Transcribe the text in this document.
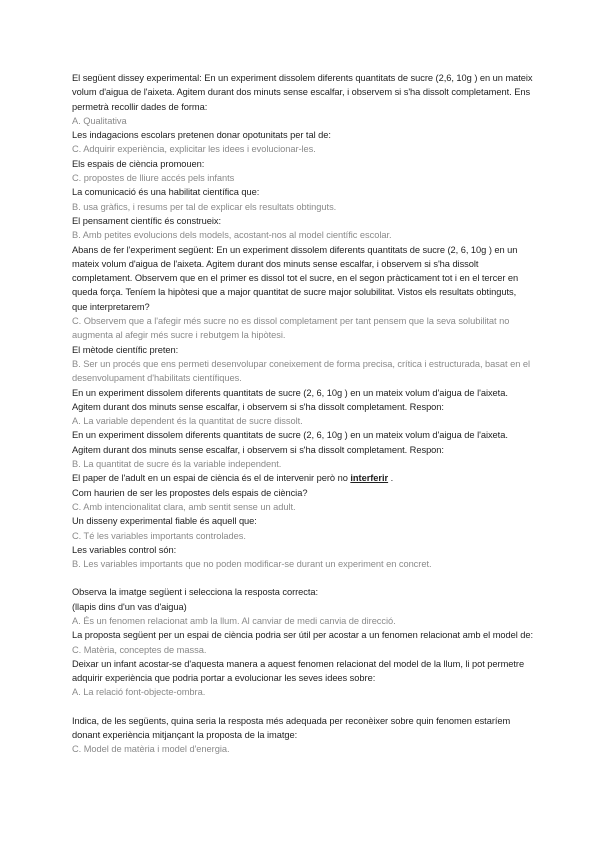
El següent dissey experimental: En un experiment dissolem diferents quantitats de sucre (2,6, 10g ) en un mateix volum d'aigua de l'aixeta. Agitem durant dos minuts sense escalfar, i observem si s'ha dissolt completament. Ens permetrà recollir dades de forma:

A. Qualitativa

Les indagacions escolars pretenen donar opotunitats per tal de:

C. Adquirir experiència, explicitar les idees i evolucionar-les.

Els espais de ciència promouen:

C. propostes de lliure accés pels infants

La comunicació és una habilitat científica que:

B. usa gràfics, i resums per tal de explicar els resultats obtinguts.

El pensament científic és construeix:

B. Amb petites evolucions dels models, acostant-nos al model científic escolar.

Abans de fer l'experiment següent: En un experiment dissolem diferents quantitats de sucre (2, 6, 10g ) en un mateix volum d'aigua de l'aixeta. Agitem durant dos minuts sense escalfar, i observem si s'ha dissolt completament. Observem que en el primer es dissol tot el sucre, en el segon pràcticament tot i en el tercer en queda força. Teníem la hipòtesi que a major quantitat de sucre major solubilitat. Vistos els resultats obtinguts, que interpretarem?

C. Observem que a l'afegir més sucre no es dissol completament per tant pensem que la seva solubilitat no augmenta al afegir més sucre i rebutgem la hipòtesi.

El mètode científic preten:

B. Ser un procés que ens permeti desenvolupar coneixement de forma precisa, crítica i estructurada, basat en el desenvolupament d'habilitats científiques.

En un experiment dissolem diferents quantitats de sucre (2, 6, 10g ) en un mateix volum d'aigua de l'aixeta. Agitem durant dos minuts sense escalfar, i observem si s'ha dissolt completament. Respon:

A. La variable dependent és la quantitat de sucre dissolt.

En un experiment dissolem diferents quantitats de sucre (2, 6, 10g ) en un mateix volum d'aigua de l'aixeta. Agitem durant dos minuts sense escalfar, i observem si s'ha dissolt completament. Respon:

B. La quantitat de sucre és la variable independent.

El paper de l'adult en un espai de ciència és el de intervenir però no interferir .

Com haurien de ser les propostes dels espais de ciència?

C. Amb intencionalitat clara, amb sentit sense un adult.

Un disseny experimental fiable és aquell que:

C. Té les variables importants controlades.

Les variables control són:

B. Les variables importants que no poden modificar-se durant un experiment en concret.

Observa la imatge següent i selecciona la resposta correcta:

(llapis dins d'un vas d'aigua)

A. És un fenomen relacionat amb la llum. Al canviar de medi canvia de direcció.

La proposta següent per un espai de ciència podria ser útil per acostar a un fenomen relacionat amb el model de:

C. Matèria, conceptes de massa.

Deixar un infant acostar-se d'aquesta manera a aquest fenomen relacionat del model de la llum, li pot permetre adquirir experiència que podria portar a evolucionar les seves idees sobre:

A. La relació font-objecte-ombra.

Indica, de les següents, quina seria la resposta més adequada per reconèixer sobre quin fenomen estaríem donant experiència mitjançant la proposta de la imatge:

C. Model de matèria i model d'energia.
